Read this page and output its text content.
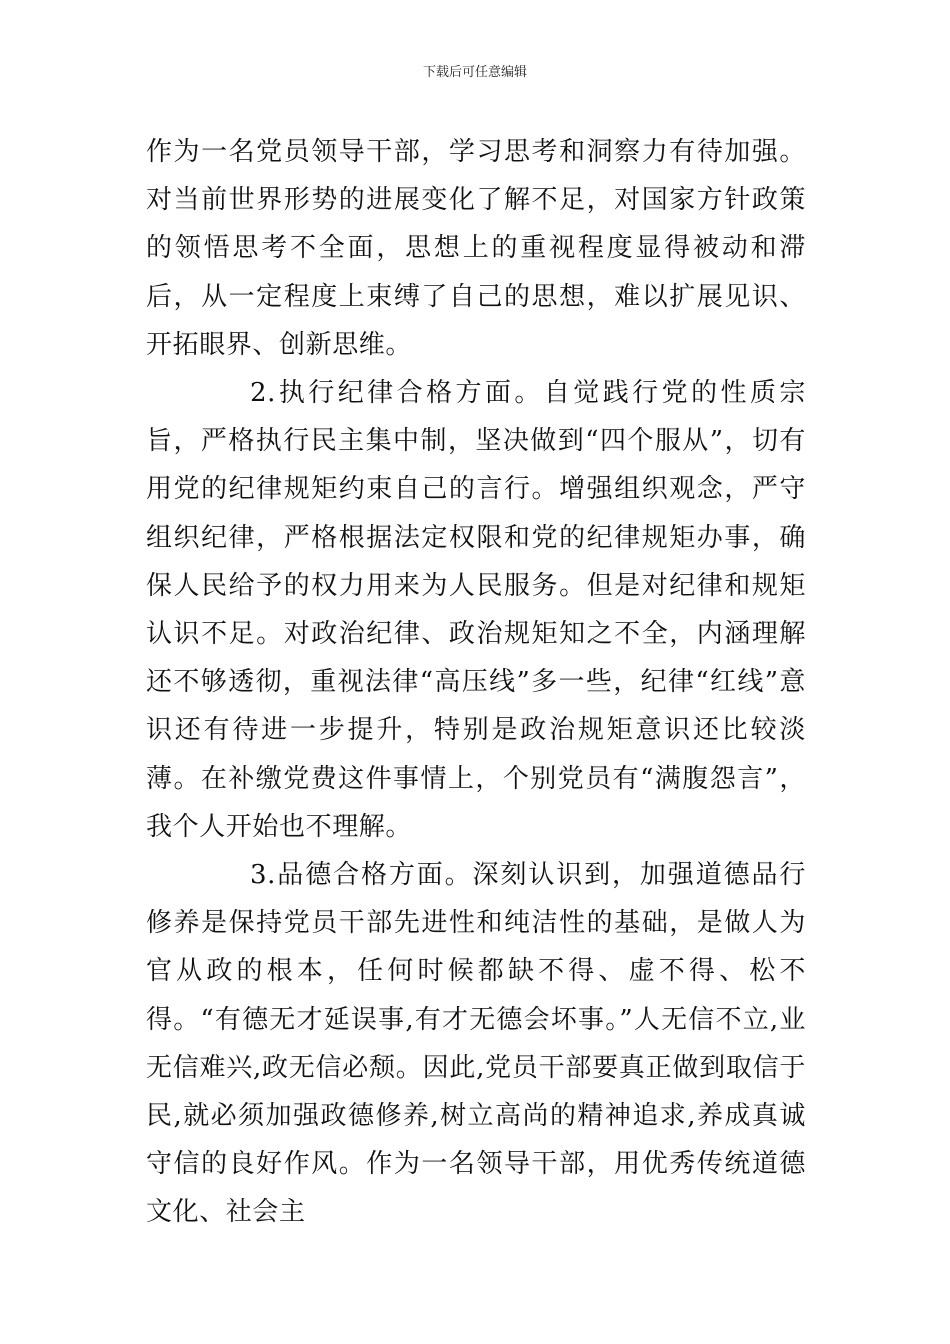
下载后可任意编辑

作为一名党员领导干部，学习思考和洞察力有待加强。对当前世界形势的进展变化了解不足，对国家方针政策的领悟思考不全面，思想上的重视程度显得被动和滞后，从一定程度上束缚了自己的思想，难以扩展见识、开拓眼界、创新思维。

2.执行纪律合格方面。自觉践行党的性质宗旨，严格执行民主集中制，坚决做到“四个服从”，切有用党的纪律规矩约束自己的言行。增强组织观念，严守组织纪律，严格根据法定权限和党的纪律规矩办事，确保人民给予的权力用来为人民服务。但是对纪律和规矩认识不足。对政治纪律、政治规矩知之不全，内涵理解还不够透彻，重视法律“高压线”多一些，纪律“红线”意识还有待进一步提升，特别是政治规矩意识还比较淡薄。在补缴党费这件事情上，个别党员有“满腹怨言”，我个人开始也不理解。

3.品德合格方面。深刻认识到，加强道德品行修养是保持党员干部先进性和纯洁性的基础，是做人为官从政的根本，任何时候都缺不得、虚不得、松不得。“有德无才延误事,有才无德会坏事。”人无信不立,业无信难兴,政无信必颓。因此,党员干部要真正做到取信于民,就必须加强政德修养,树立高尚的精神追求,养成真诚守信的良好作风。作为一名领导干部，用优秀传统道德文化、社会主
